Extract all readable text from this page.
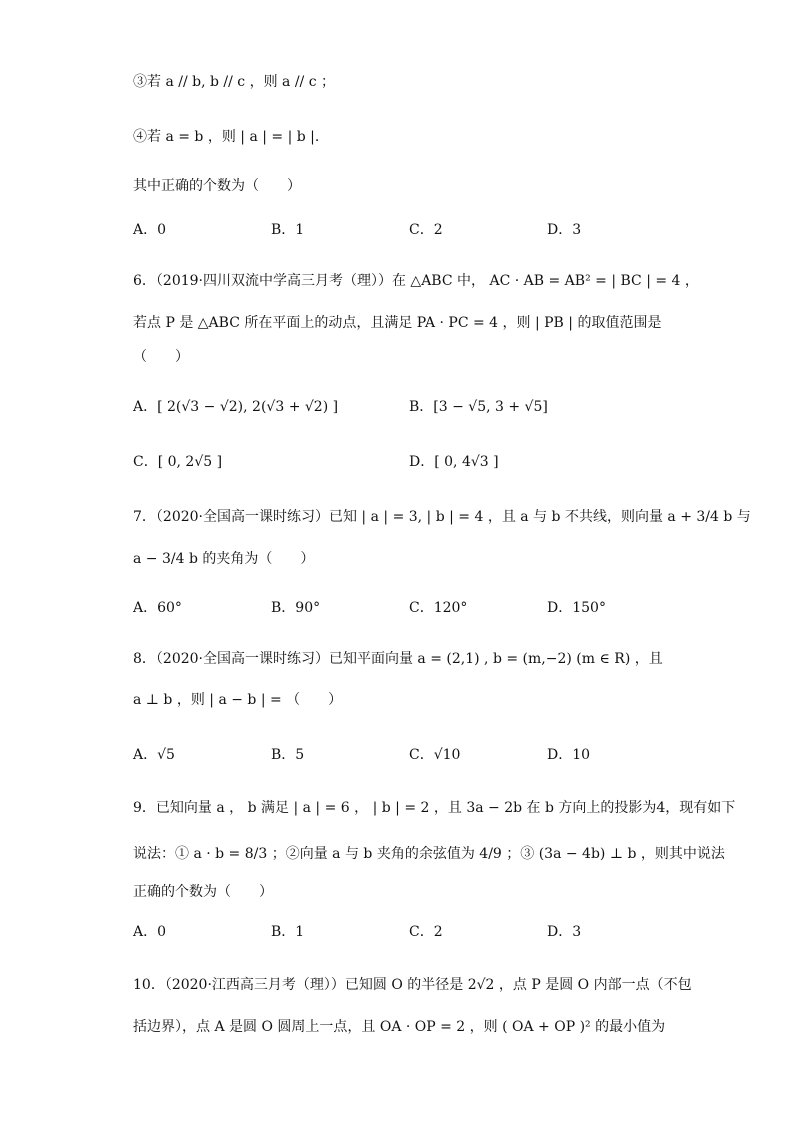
③若 a // b, b // c ，则 a // c ；
④若 a = b ，则 | a | = | b |.
其中正确的个数为（　　）
A．0	B．1	C．2	D．3
6．（2019·四川双流中学高三月考（理））在 △ABC 中， AC · AB = AB² = | BC | = 4 ，
若点 P 是 △ABC 所在平面上的动点，且满足 PA · PC = 4 ，则 | PB | 的取值范围是
（　　）
A．[ 2(√3 − √2), 2(√3 + √2) ]	B．[3 − √5, 3 + √5]
C．[ 0, 2√5 ]	D．[ 0, 4√3 ]
7．（2020·全国高一课时练习）已知 | a | = 3, | b | = 4 ，且 a 与 b 不共线，则向量 a + 3/4 b 与
a − 3/4 b 的夹角为（　　）
A．60°	B．90°	C．120°	D．150°
8．（2020·全国高一课时练习）已知平面向量 a = (2,1) , b = (m,−2) (m ∈ R) ，且
a ⊥ b ，则 | a − b | = （　　）
A．√5	B．5	C．√10	D．10
9．已知向量 a ， b 满足 | a | = 6 ， | b | = 2 ，且 3a − 2b 在 b 方向上的投影为4，现有如下
说法：① a · b = 8/3 ；②向量 a 与 b 夹角的余弦值为 4/9 ；③ (3a − 4b) ⊥ b ，则其中说法
正确的个数为（　　）
A．0	B．1	C．2	D．3
10．（2020·江西高三月考（理））已知圆 O 的半径是 2√2 ，点 P 是圆 O 内部一点（不包
括边界），点 A 是圆 O 圆周上一点，且 OA · OP = 2 ，则 ( OA + OP )² 的最小值为
